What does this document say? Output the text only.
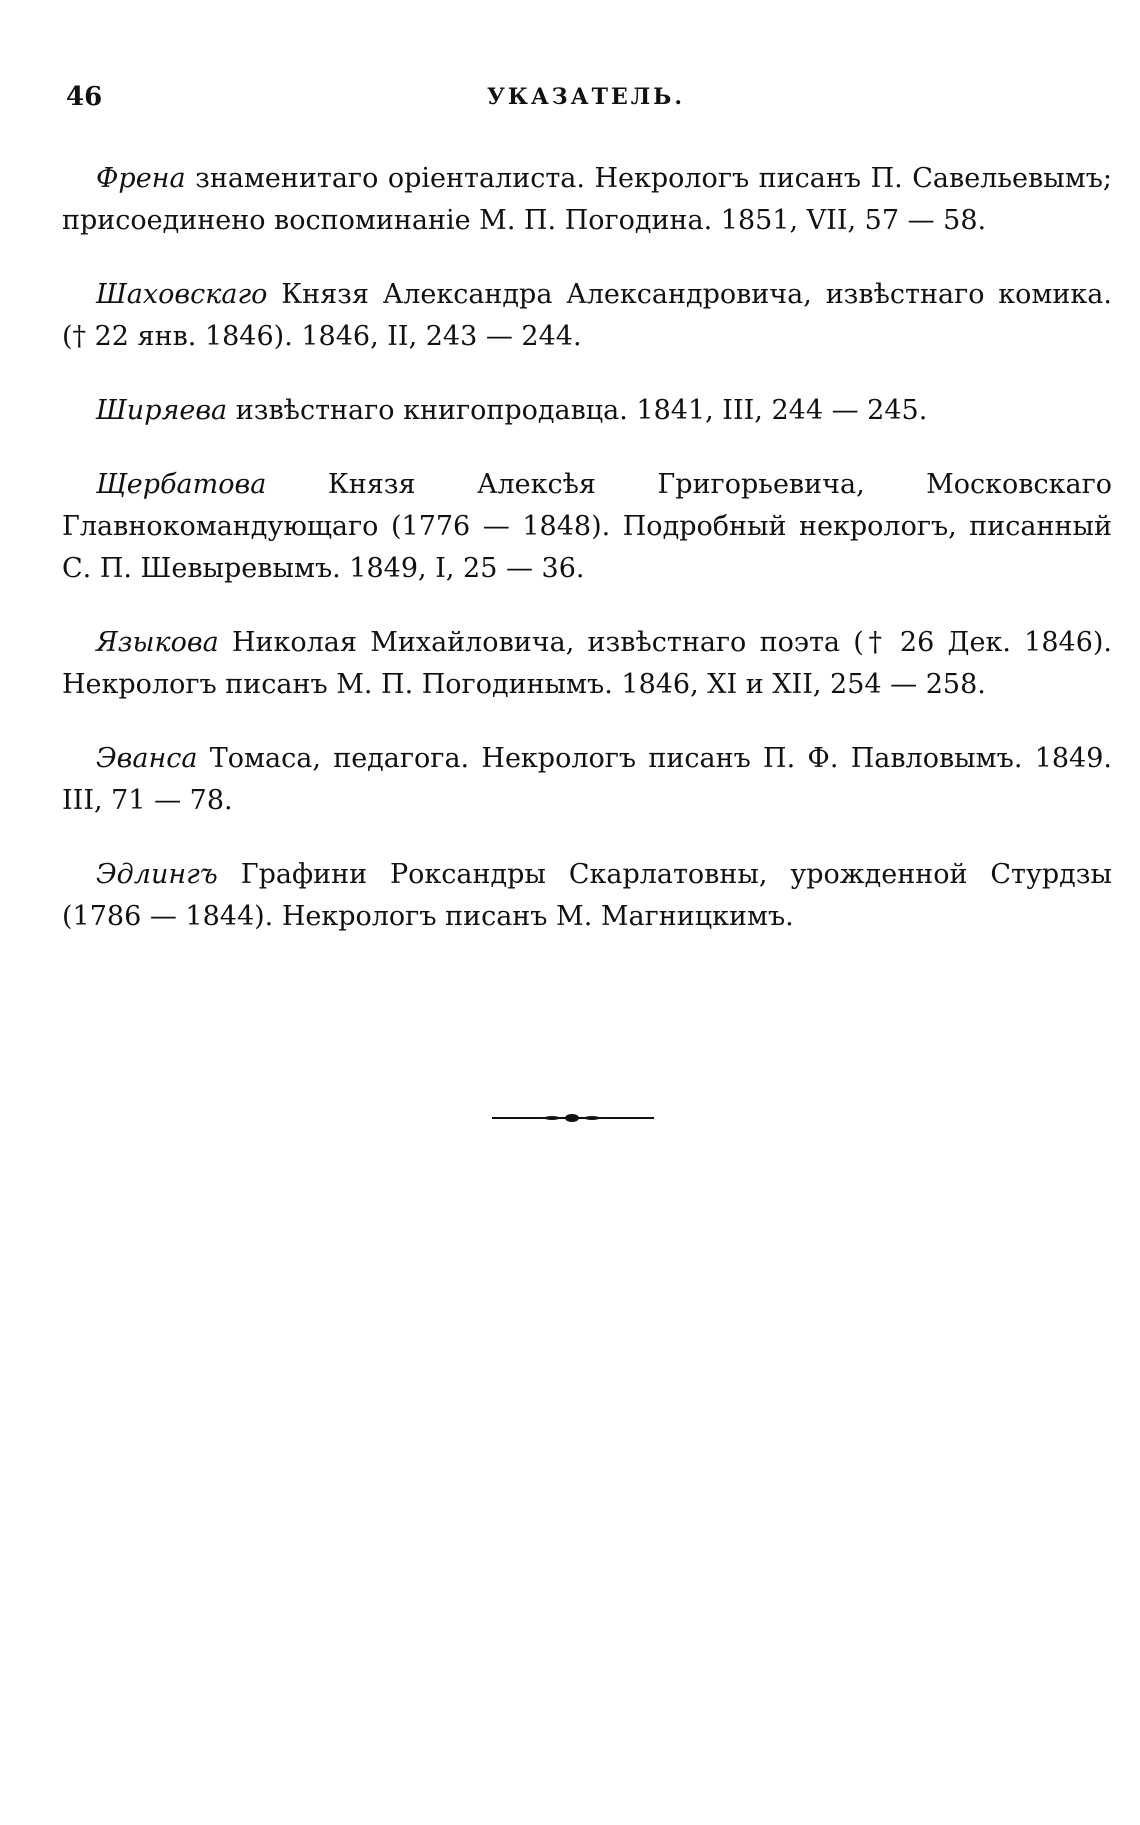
46	УКАЗАТЕЛЬ.

Френа знаменитаго оріенталиста. Некрологъ писанъ П. Савельевымъ; присоединено воспоминаніе М. П. Погодина. 1851, VII, 57 — 58.

Шаховскаго Князя Александра Александровича, извѣстнаго комика. († 22 янв. 1846). 1846, II, 243 — 244.

Ширяева извѣстнаго книгопродавца. 1841, III, 244 — 245.

Щербатова Князя Алексѣя Григорьевича, Московскаго Главнокомандующаго (1776 — 1848). Подробный некрологъ, писанный С. П. Шевыревымъ. 1849, I, 25 — 36.

Языкова Николая Михайловича, извѣстнаго поэта († 26 Дек. 1846). Некрологъ писанъ М. П. Погодинымъ. 1846, XI и XII, 254 — 258.

Эванса Томаса, педагога. Некрологъ писанъ П. Ф. Павловымъ. 1849. III, 71 — 78.

Эдлингъ Графини Роксандры Скарлатовны, урожденной Стурдзы (1786 — 1844). Некрологъ писанъ М. Магницкимъ.
